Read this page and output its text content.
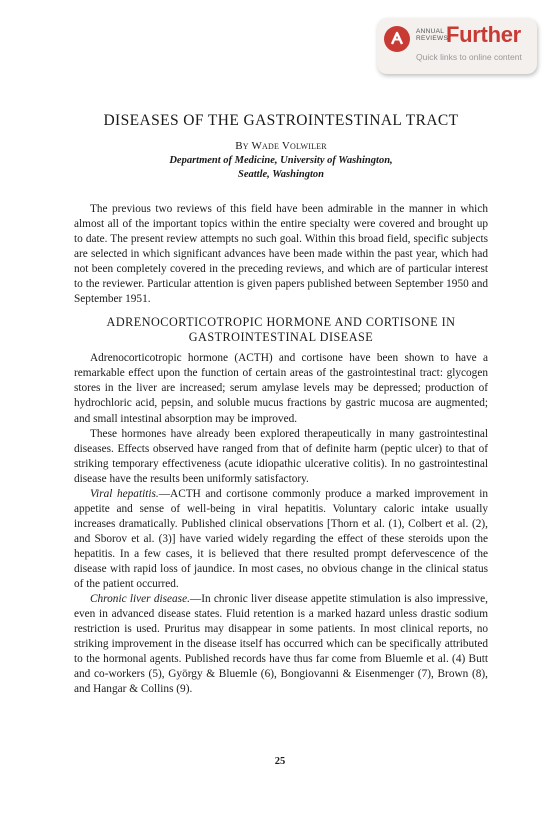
ANNUAL REVIEWS
Further
Quick links to online content
DISEASES OF THE GASTROINTESTINAL TRACT
By Wade Volwiler
Department of Medicine, University of Washington,
Seattle, Washington

The previous two reviews of this field have been admirable in the manner in which almost all of the important topics within the entire specialty were covered and brought up to date. The present review attempts no such goal. Within this broad field, specific subjects are selected in which significant advances have been made within the past year, which had not been completely covered in the preceding reviews, and which are of particular interest to the reviewer. Particular attention is given papers published between September 1950 and September 1951.

ADRENOCORTICOTROPIC HORMONE AND CORTISONE IN
GASTROINTESTINAL DISEASE

Adrenocorticotropic hormone (ACTH) and cortisone have been shown to have a remarkable effect upon the function of certain areas of the gastrointestinal tract: glycogen stores in the liver are increased; serum amylase levels may be depressed; production of hydrochloric acid, pepsin, and soluble mucus fractions by gastric mucosa are augmented; and small intestinal absorption may be improved.

These hormones have already been explored therapeutically in many gastrointestinal diseases. Effects observed have ranged from that of definite harm (peptic ulcer) to that of striking temporary effectiveness (acute idiopathic ulcerative colitis). In no gastrointestinal disease have the results been uniformly satisfactory.

Viral hepatitis.—ACTH and cortisone commonly produce a marked improvement in appetite and sense of well-being in viral hepatitis. Voluntary caloric intake usually increases dramatically. Published clinical observations [Thorn et al. (1), Colbert et al. (2), and Sborov et al. (3)] have varied widely regarding the effect of these steroids upon the hepatitis. In a few cases, it is believed that there resulted prompt defervescence of the disease with rapid loss of jaundice. In most cases, no obvious change in the clinical status of the patient occurred.

Chronic liver disease.—In chronic liver disease appetite stimulation is also impressive, even in advanced disease states. Fluid retention is a marked hazard unless drastic sodium restriction is used. Pruritus may disappear in some patients. In most clinical reports, no striking improvement in the disease itself has occurred which can be specifically attributed to the hormonal agents. Published records have thus far come from Bluemle et al. (4) Butt and co-workers (5), György & Bluemle (6), Bongiovanni & Eisenmenger (7), Brown (8), and Hangar & Collins (9).

25
